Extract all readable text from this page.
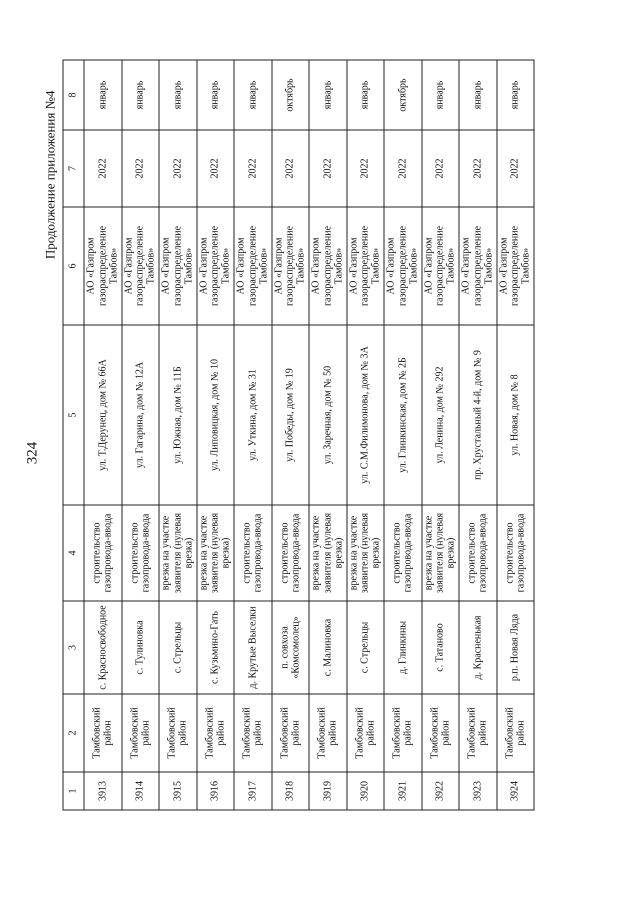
324
Продолжение приложения №4
1	2	3	4	5	6	7	8
3913	Тамбовский район	с. Красносвободное	строительство газопровода-ввода	ул. Т.Дерунец, дом № 66А	АО «Газпром газораспределение Тамбов»	2022	январь
3914	Тамбовский район	с. Тулиновка	строительство газопровода-ввода	ул. Гагарина, дом № 12А	АО «Газпром газораспределение Тамбов»	2022	январь
3915	Тамбовский район	с. Стрельцы	врезка на участке заявителя (нулевая врезка)	ул. Южная, дом № 11Б	АО «Газпром газораспределение Тамбов»	2022	январь
3916	Тамбовский район	с. Кузьмино-Гать	врезка на участке заявителя (нулевая врезка)	ул. Липовицкая, дом № 10	АО «Газпром газораспределение Тамбов»	2022	январь
3917	Тамбовский район	д. Крутые Выселки	строительство газопровода-ввода	ул. Уткина, дом № 31	АО «Газпром газораспределение Тамбов»	2022	январь
3918	Тамбовский район	п. совхоза «Комсомолец»	строительство газопровода-ввода	ул. Победы, дом № 19	АО «Газпром газораспределение Тамбов»	2022	октябрь
3919	Тамбовский район	с. Малиновка	врезка на участке заявителя (нулевая врезка)	ул. Заречная, дом № 50	АО «Газпром газораспределение Тамбов»	2022	январь
3920	Тамбовский район	с. Стрельцы	врезка на участке заявителя (нулевая врезка)	ул. С.М.Филимонова, дом № 3А	АО «Газпром газораспределение Тамбов»	2022	январь
3921	Тамбовский район	д. Глинкины	строительство газопровода-ввода	ул. Глинкинская, дом № 2Б	АО «Газпром газораспределение Тамбов»	2022	октябрь
3922	Тамбовский район	с. Татаново	врезка на участке заявителя (нулевая врезка)	ул. Ленина, дом № 292	АО «Газпром газораспределение Тамбов»	2022	январь
3923	Тамбовский район	д. Красненькая	строительство газопровода-ввода	пр. Хрустальный 4-й, дом № 9	АО «Газпром газораспределение Тамбов»	2022	январь
3924	Тамбовский район	р.п. Новая Ляда	строительство газопровода-ввода	ул. Новая, дом № 8	АО «Газпром газораспределение Тамбов»	2022	январь
